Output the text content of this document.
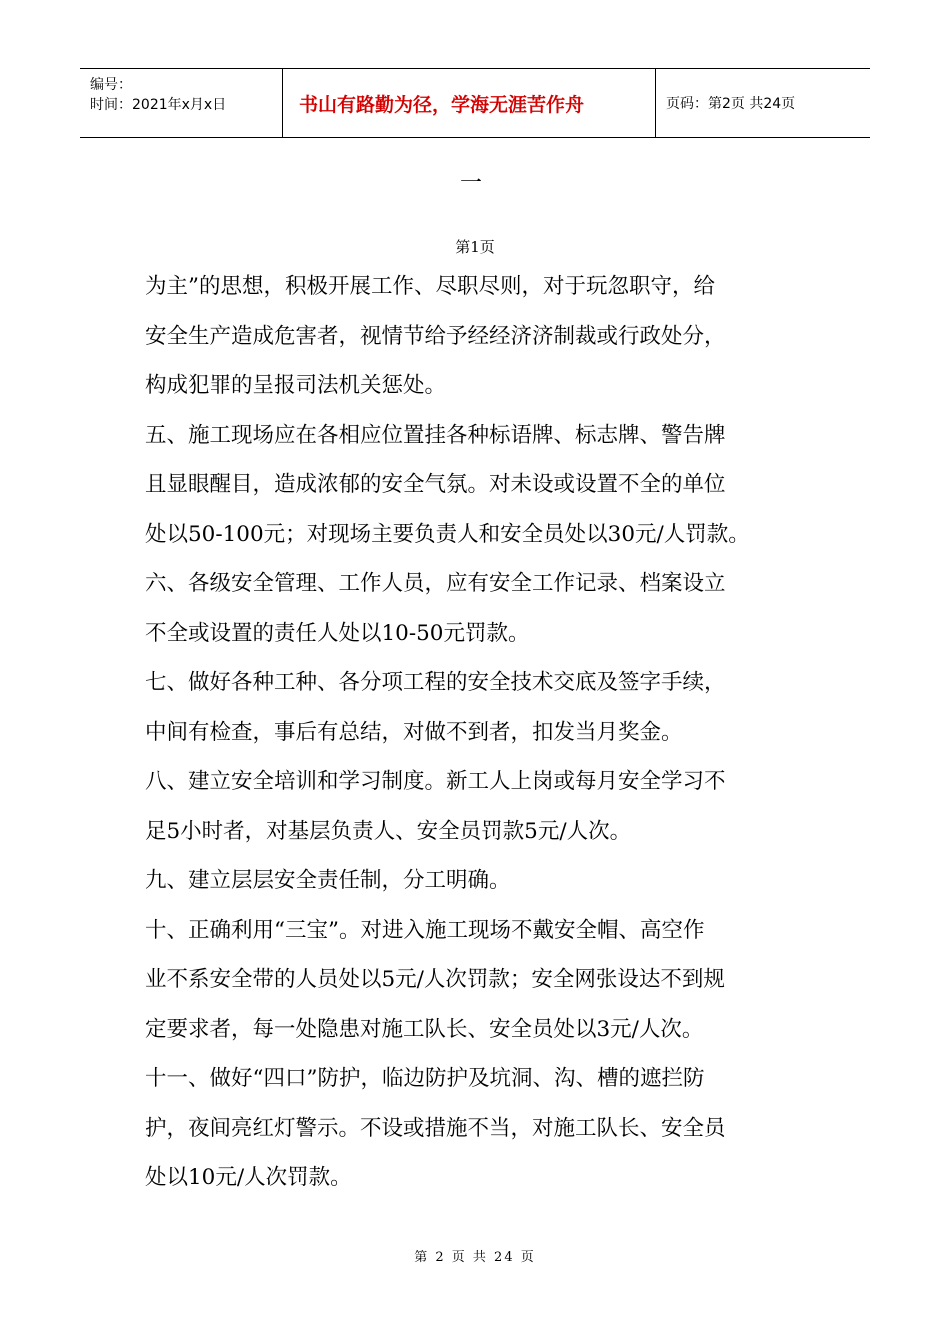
编号：
时间：2021年x月x日	书山有路勤为径，学海无涯苦作舟	页码：第2页 共24页
一
第1页
为主”的思想，积极开展工作、尽职尽则，对于玩忽职守，给
安全生产造成危害者，视情节给予经经济济制裁或行政处分，
构成犯罪的呈报司法机关惩处。
五、施工现场应在各相应位置挂各种标语牌、标志牌、警告牌
且显眼醒目，造成浓郁的安全气氛。对未设或设置不全的单位
处以50-100元；对现场主要负责人和安全员处以30元/人罚款。
六、各级安全管理、工作人员，应有安全工作记录、档案设立
不全或设置的责任人处以10-50元罚款。
七、做好各种工种、各分项工程的安全技术交底及签字手续，
中间有检查，事后有总结，对做不到者，扣发当月奖金。
八、建立安全培训和学习制度。新工人上岗或每月安全学习不
足5小时者，对基层负责人、安全员罚款5元/人次。
九、建立层层安全责任制，分工明确。
十、正确利用“三宝”。对进入施工现场不戴安全帽、高空作
业不系安全带的人员处以5元/人次罚款；安全网张设达不到规
定要求者，每一处隐患对施工队长、安全员处以3元/人次。
十一、做好“四口”防护，临边防护及坑洞、沟、槽的遮拦防
护，夜间亮红灯警示。不设或措施不当，对施工队长、安全员
处以10元/人次罚款。
第 2 页 共 24 页
